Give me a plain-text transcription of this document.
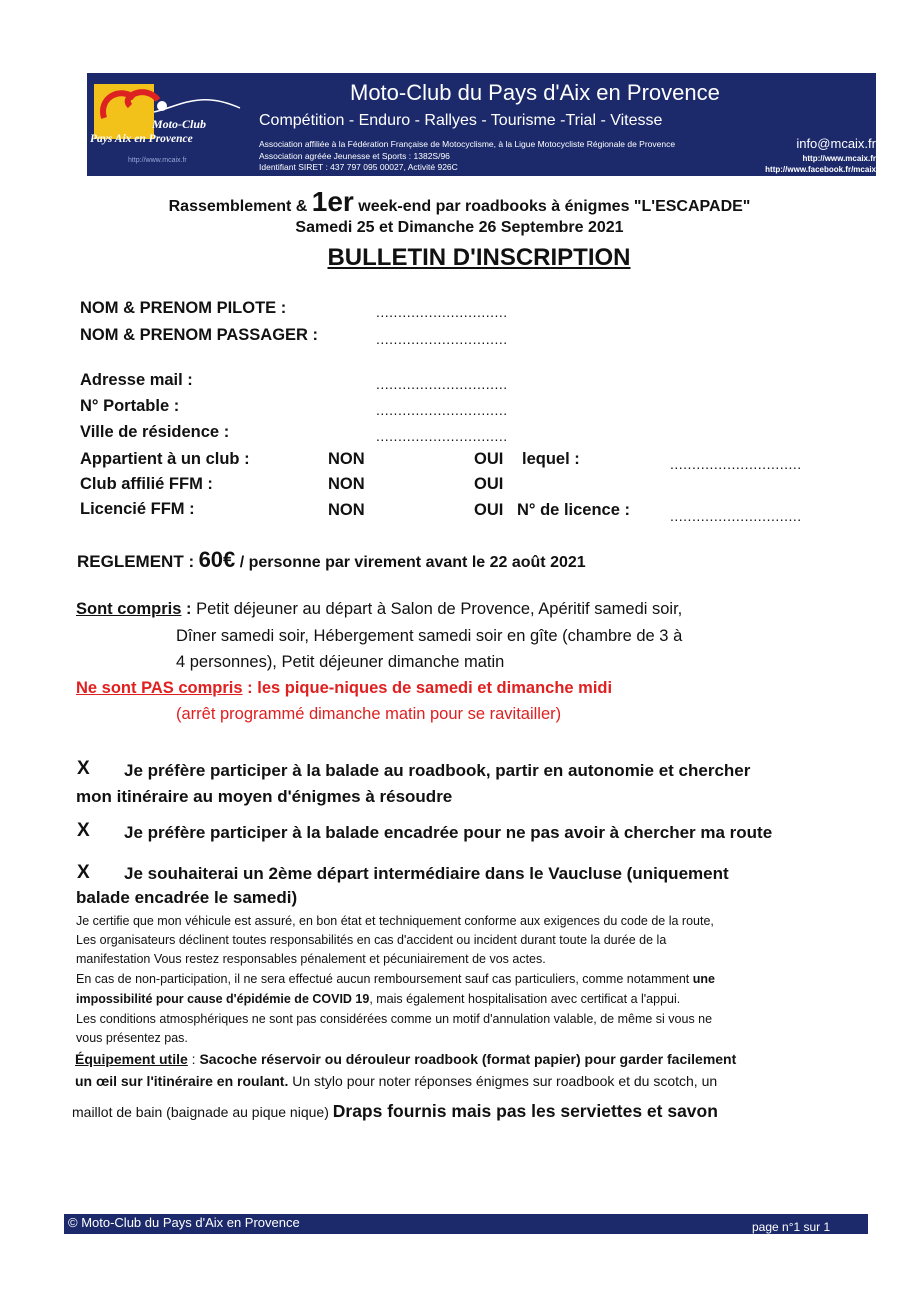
Moto-Club
Pays Aix en Provence
http://www.mcaix.fr
Moto-Club du Pays d'Aix en Provence
Compétition - Enduro - Rallyes - Tourisme -Trial - Vitesse
Association affiliée à la Fédération Française de Motocyclisme, à la Ligue Motocycliste Régionale de Provence
Association agréée Jeunesse et Sports : 1382S/96
Identifiant SIRET : 437 797 095 00027, Activité 926C
info@mcaix.fr
http://www.mcaix.fr
http://www.facebook.fr/mcaix
Rassemblement & 1er week-end par roadbooks à énigmes "L'ESCAPADE"
Samedi 25 et Dimanche 26 Septembre 2021
BULLETIN D'INSCRIPTION
NOM & PRENOM PILOTE :	..............................
NOM & PRENOM PASSAGER :	..............................
Adresse mail :	..............................
N° Portable :	..............................
Ville de résidence :	..............................
Appartient à un club :	NON	OUI lequel :	..............................
Club affilié FFM :	NON	OUI
Licencié FFM :	NON	OUI N° de licence :	..............................
REGLEMENT : 60€ / personne par virement avant le 22 août 2021
Sont compris : Petit déjeuner au départ à Salon de Provence, Apéritif samedi soir,
Dîner samedi soir, Hébergement samedi soir en gîte (chambre de 3 à
4 personnes), Petit déjeuner dimanche matin
Ne sont PAS compris : les pique-niques de samedi et dimanche midi
(arrêt programmé dimanche matin pour se ravitailler)
X Je préfère participer à la balade au roadbook, partir en autonomie et chercher
mon itinéraire au moyen d'énigmes à résoudre
X Je préfère participer à la balade encadrée pour ne pas avoir à chercher ma route
X Je souhaiterai un 2ème départ intermédiaire dans le Vaucluse (uniquement
balade encadrée le samedi)
Je certifie que mon véhicule est assuré, en bon état et techniquement conforme aux exigences du code de la route,
Les organisateurs déclinent toutes responsabilités en cas d'accident ou incident durant toute la durée de la
manifestation Vous restez responsables pénalement et pécuniairement de vos actes.
En cas de non-participation, il ne sera effectué aucun remboursement sauf cas particuliers, comme notamment une
impossibilité pour cause d'épidémie de COVID 19, mais également hospitalisation avec certificat a l'appui.
Les conditions atmosphériques ne sont pas considérées comme un motif d'annulation valable, de même si vous ne
vous présentez pas.
Équipement utile : Sacoche réservoir ou dérouleur roadbook (format papier) pour garder facilement
un œil sur l'itinéraire en roulant. Un stylo pour noter réponses énigmes sur roadbook et du scotch, un
maillot de bain (baignade au pique nique) Draps fournis mais pas les serviettes et savon
© Moto-Club du Pays d'Aix en Provence	page n°1 sur 1
